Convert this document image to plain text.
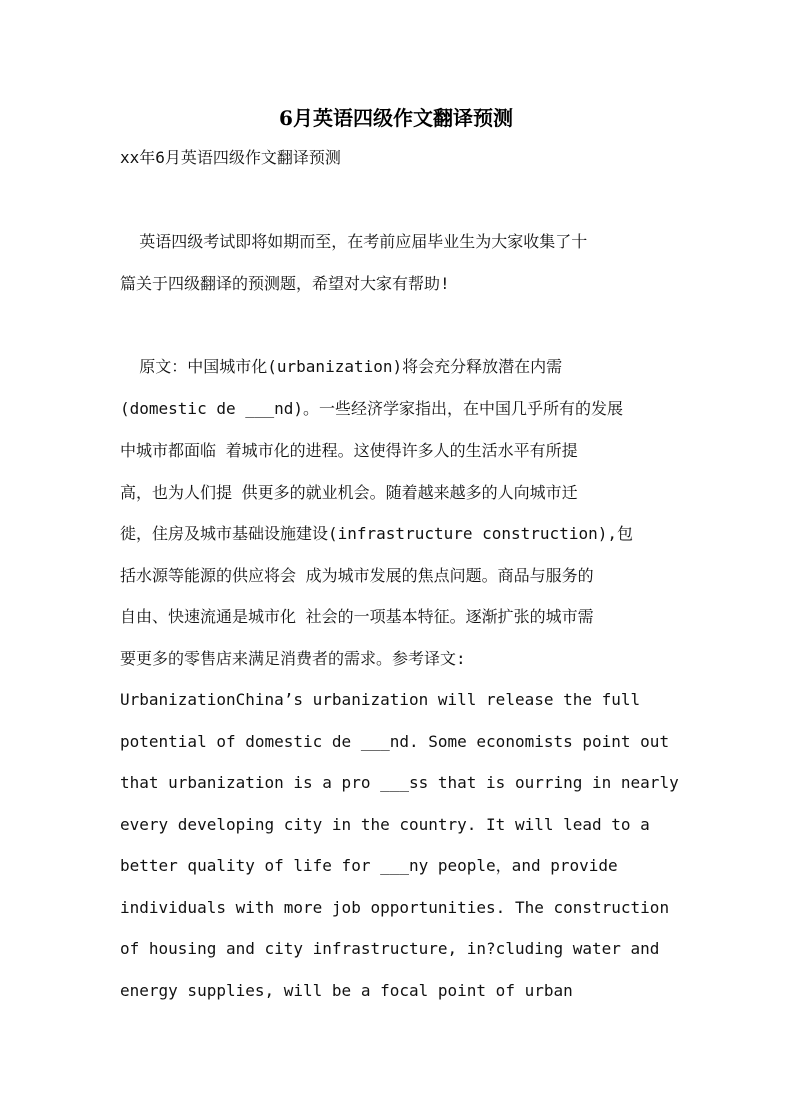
6月英语四级作文翻译预测

xx年6月英语四级作文翻译预测

英语四级考试即将如期而至，在考前应届毕业生为大家收集了十

篇关于四级翻译的预测题，希望对大家有帮助!

原文：中国城市化(urbanization)将会充分释放潜在内需

(domestic de ___nd)。一些经济学家指出，在中国几乎所有的发展

中城市都面临 着城市化的进程。这使得许多人的生活水平有所提

高，也为人们提 供更多的就业机会。随着越来越多的人向城市迁

徙，住房及城市基础设施建设(infrastructure construction),包

括水源等能源的供应将会 成为城市发展的焦点问题。商品与服务的

自由、快速流通是城市化 社会的一项基本特征。逐渐扩张的城市需

要更多的零售店来满足消费者的需求。参考译文:

UrbanizationChina’s urbanization will release the full

potential of domestic de ___nd. Some economists point out

that urbanization is a pro ___ss that is ourring in nearly

every developing city in the country. It will lead to a

better quality of life for ___ny people，and provide

individuals with more job opportunities. The construction

of housing and city infrastructure, in?cluding water and

energy supplies, will be a focal point of urban
